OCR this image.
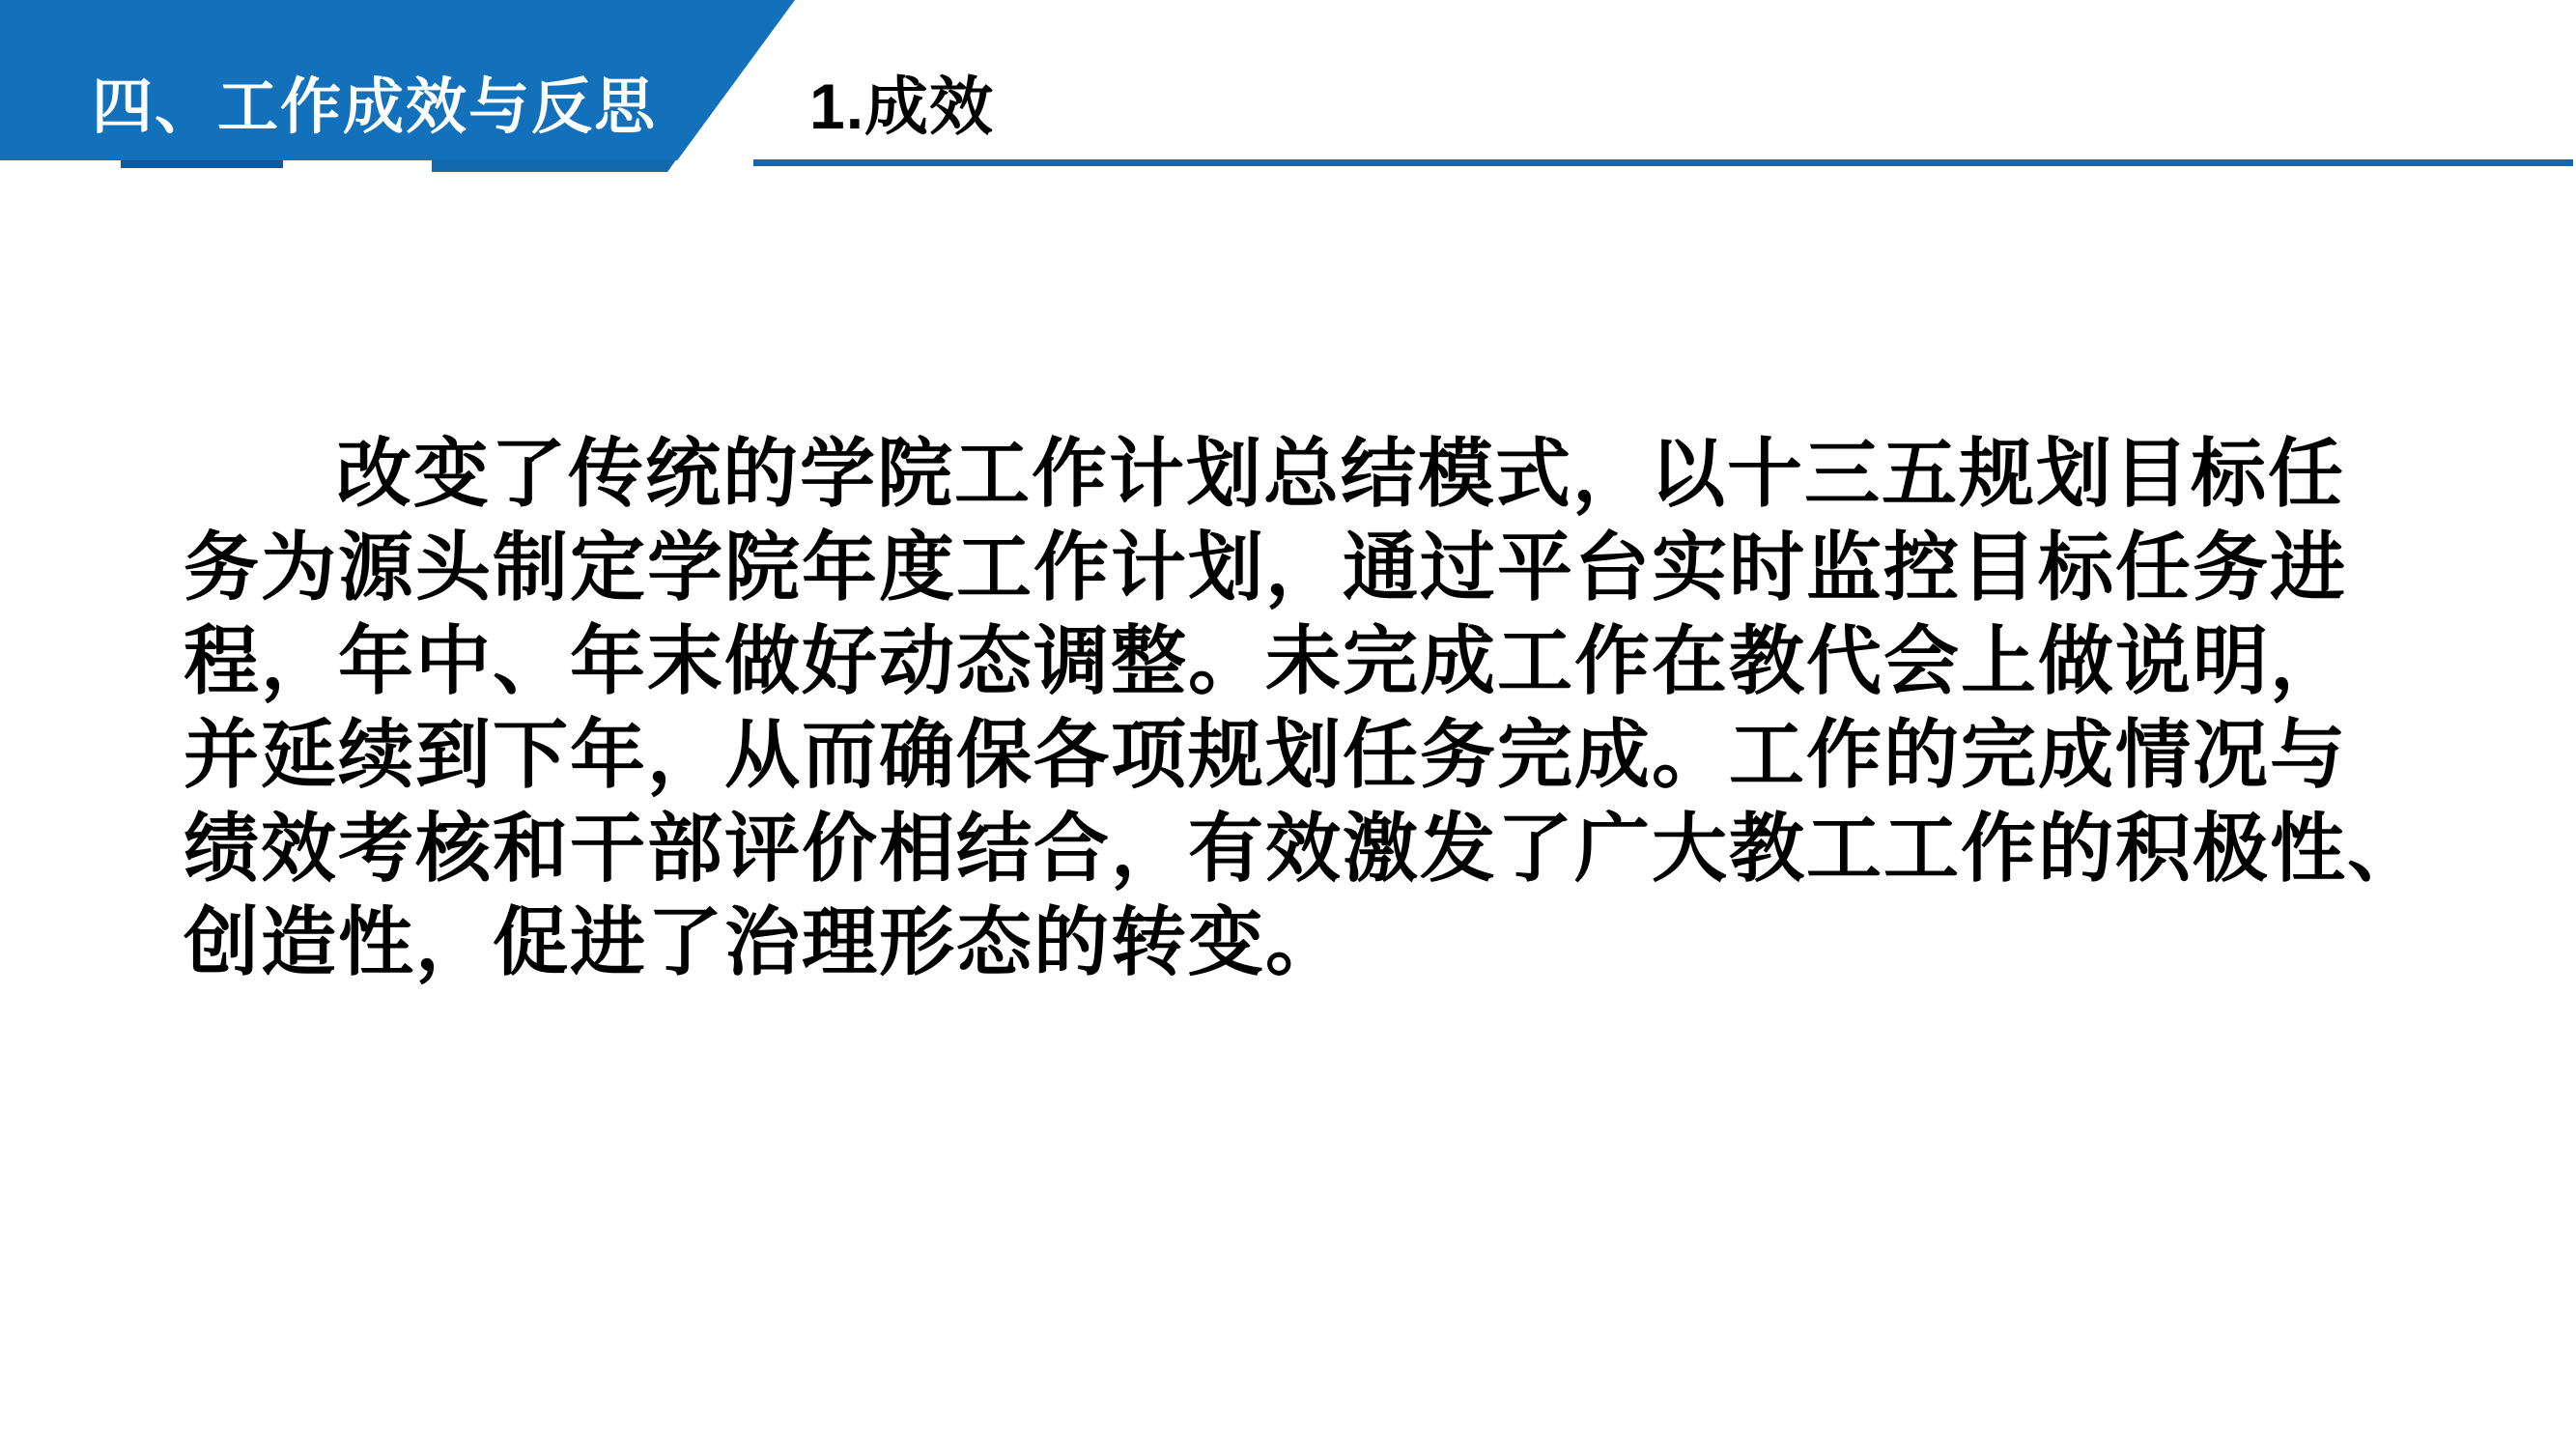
四、工作成效与反思 1.成效
改变了传统的学院工作计划总结模式，以十三五规划目标任
务为源头制定学院年度工作计划，通过平台实时监控目标任务进
程，年中、年末做好动态调整。未完成工作在教代会上做说明，
并延续到下年，从而确保各项规划任务完成。工作的完成情况与
绩效考核和干部评价相结合，有效激发了广大教工工作的积极性、
创造性，促进了治理形态的转变。
